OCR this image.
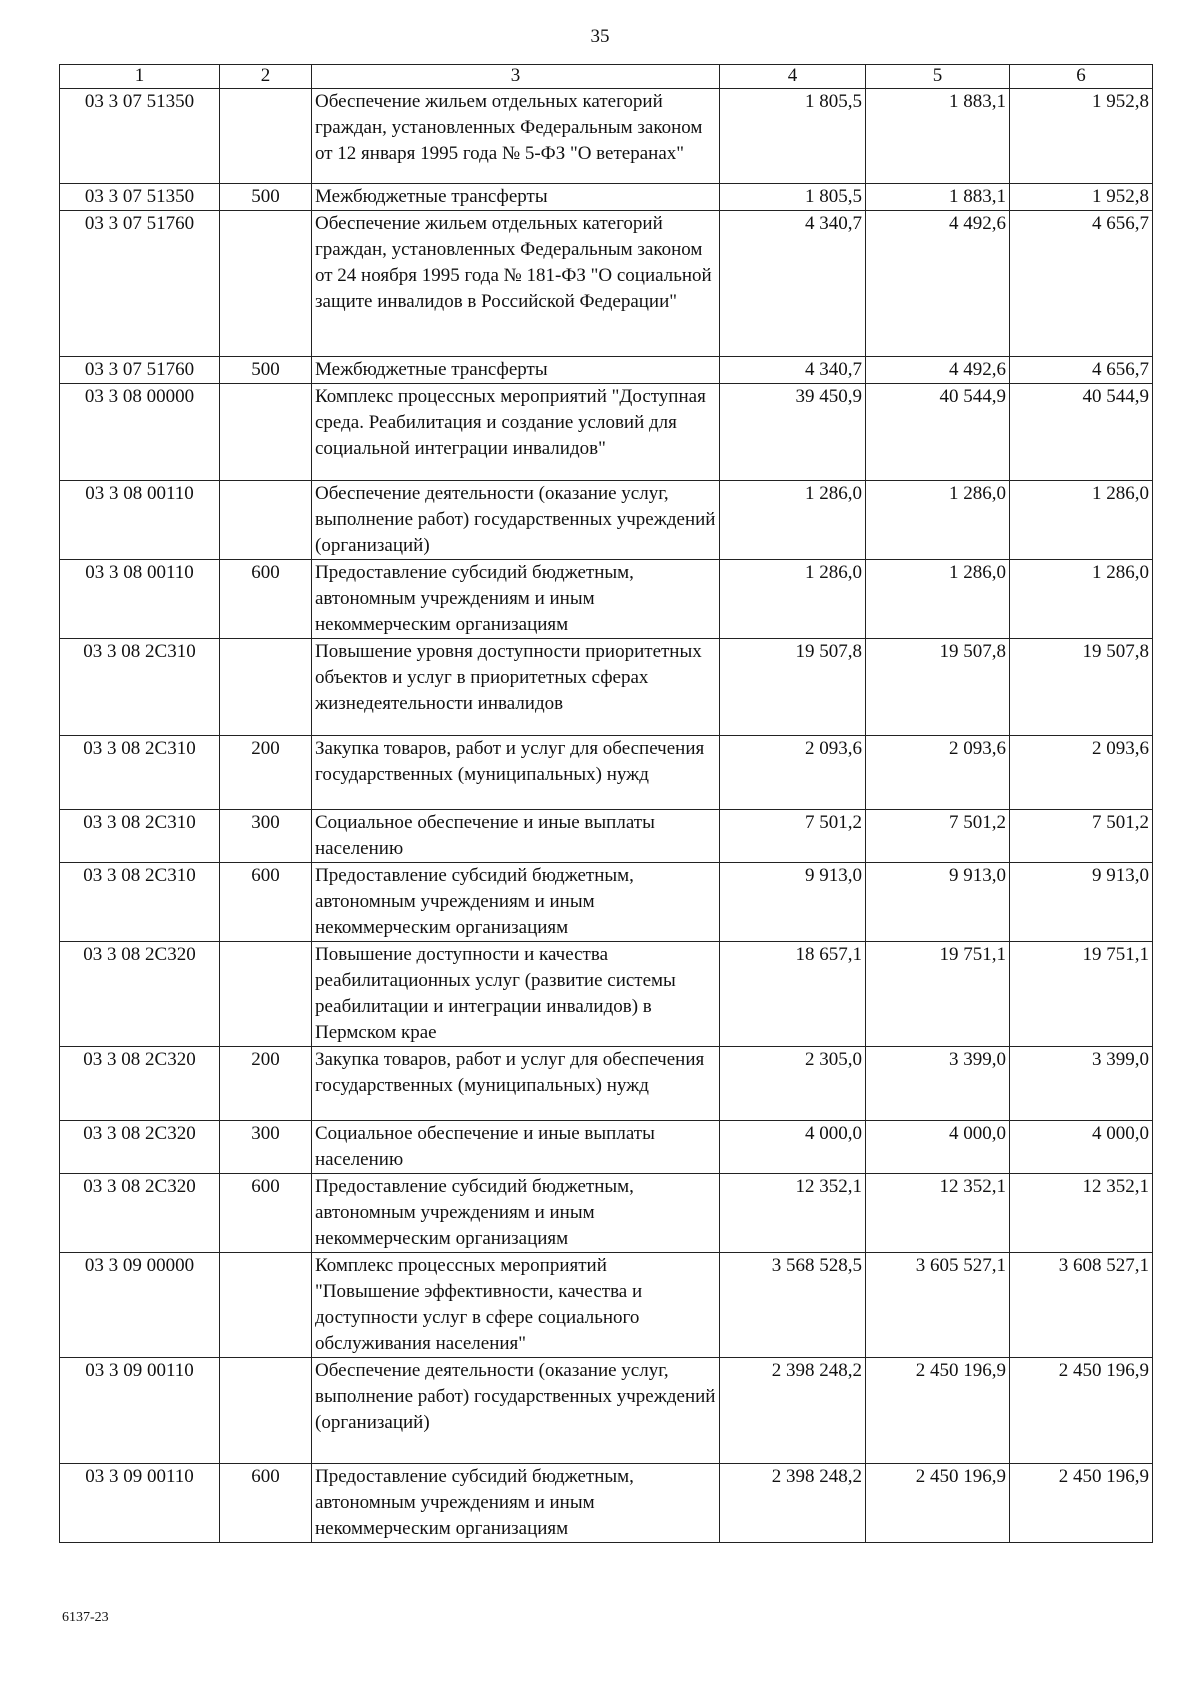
35
1	2	3	4	5	6
03 3 07 51350		Обеспечение жильем отдельных категорий граждан, установленных Федеральным законом от 12 января 1995 года № 5-ФЗ "О ветеранах"	1 805,5	1 883,1	1 952,8
03 3 07 51350	500	Межбюджетные трансферты	1 805,5	1 883,1	1 952,8
03 3 07 51760		Обеспечение жильем отдельных категорий граждан, установленных Федеральным законом от 24 ноября 1995 года № 181-ФЗ "О социальной защите инвалидов в Российской Федерации"	4 340,7	4 492,6	4 656,7
03 3 07 51760	500	Межбюджетные трансферты	4 340,7	4 492,6	4 656,7
03 3 08 00000		Комплекс процессных мероприятий "Доступная среда. Реабилитация и создание условий для социальной интеграции инвалидов"	39 450,9	40 544,9	40 544,9
03 3 08 00110		Обеспечение деятельности (оказание услуг, выполнение работ) государственных учреждений (организаций)	1 286,0	1 286,0	1 286,0
03 3 08 00110	600	Предоставление субсидий бюджетным, автономным учреждениям и иным некоммерческим организациям	1 286,0	1 286,0	1 286,0
03 3 08 2С310		Повышение уровня доступности приоритетных объектов и услуг в приоритетных сферах жизнедеятельности инвалидов	19 507,8	19 507,8	19 507,8
03 3 08 2С310	200	Закупка товаров, работ и услуг для обеспечения государственных (муниципальных) нужд	2 093,6	2 093,6	2 093,6
03 3 08 2С310	300	Социальное обеспечение и иные выплаты населению	7 501,2	7 501,2	7 501,2
03 3 08 2С310	600	Предоставление субсидий бюджетным, автономным учреждениям и иным некоммерческим организациям	9 913,0	9 913,0	9 913,0
03 3 08 2С320		Повышение доступности и качества реабилитационных услуг (развитие системы реабилитации и интеграции инвалидов) в Пермском крае	18 657,1	19 751,1	19 751,1
03 3 08 2С320	200	Закупка товаров, работ и услуг для обеспечения государственных (муниципальных) нужд	2 305,0	3 399,0	3 399,0
03 3 08 2С320	300	Социальное обеспечение и иные выплаты населению	4 000,0	4 000,0	4 000,0
03 3 08 2С320	600	Предоставление субсидий бюджетным, автономным учреждениям и иным некоммерческим организациям	12 352,1	12 352,1	12 352,1
03 3 09 00000		Комплекс процессных мероприятий "Повышение эффективности, качества и доступности услуг в сфере социального обслуживания населения"	3 568 528,5	3 605 527,1	3 608 527,1
03 3 09 00110		Обеспечение деятельности (оказание услуг, выполнение работ) государственных учреждений (организаций)	2 398 248,2	2 450 196,9	2 450 196,9
03 3 09 00110	600	Предоставление субсидий бюджетным, автономным учреждениям и иным некоммерческим организациям	2 398 248,2	2 450 196,9	2 450 196,9
6137-23
